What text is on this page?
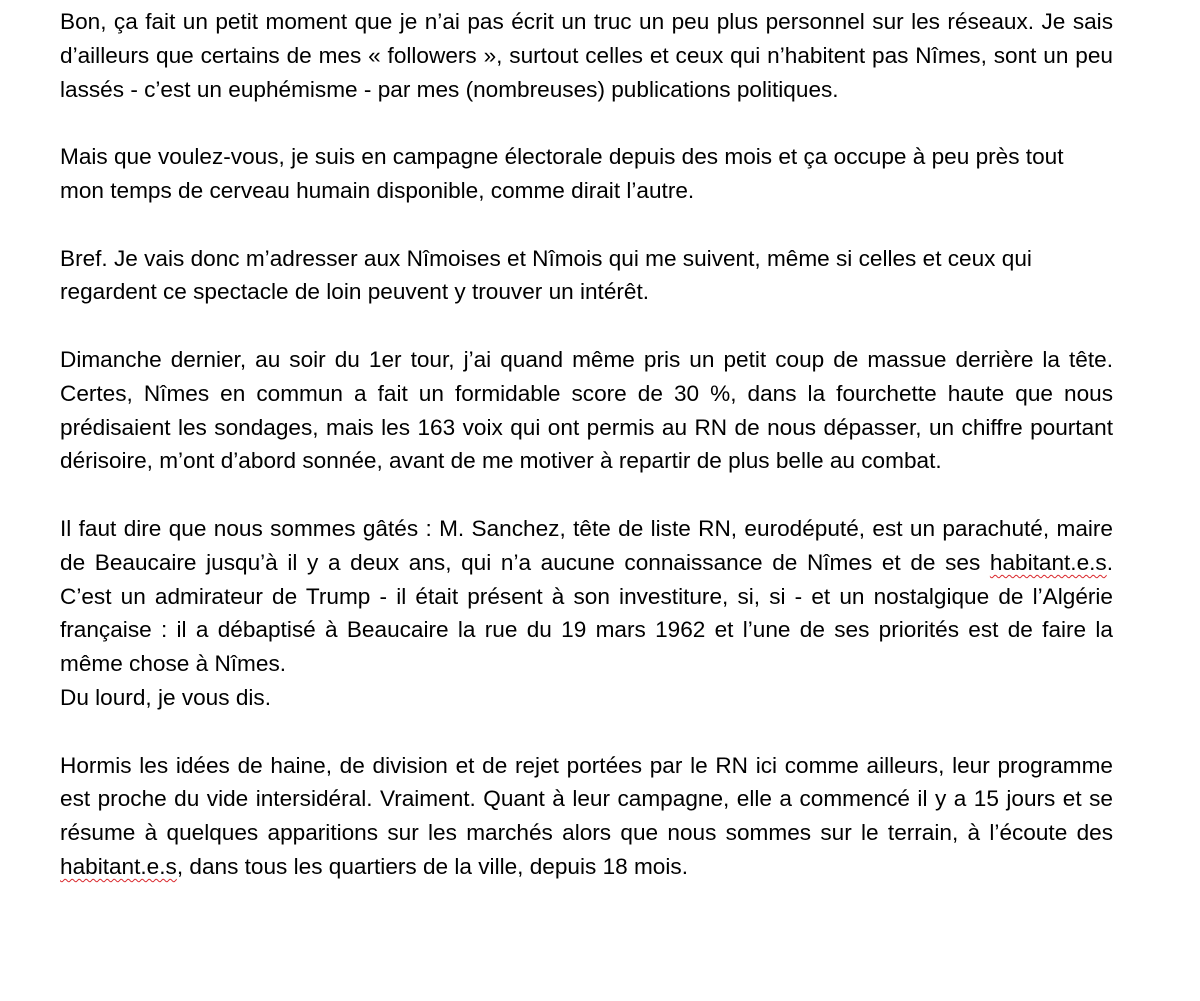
Bon, ça fait un petit moment que je n’ai pas écrit un truc un peu plus personnel sur les réseaux. Je sais d’ailleurs que certains de mes « followers », surtout celles et ceux qui n’habitent pas Nîmes, sont un peu lassés - c’est un euphémisme - par mes (nombreuses) publications politiques.

Mais que voulez-vous, je suis en campagne électorale depuis des mois et ça occupe à peu près tout mon temps de cerveau humain disponible, comme dirait l’autre.

Bref. Je vais donc m’adresser aux Nîmoises et Nîmois qui me suivent, même si celles et ceux qui regardent ce spectacle de loin peuvent y trouver un intérêt.

Dimanche dernier, au soir du 1er tour, j’ai quand même pris un petit coup de massue derrière la tête. Certes, Nîmes en commun a fait un formidable score de 30 %, dans la fourchette haute que nous prédisaient les sondages, mais les 163 voix qui ont permis au RN de nous dépasser, un chiffre pourtant dérisoire, m’ont d’abord sonnée, avant de me motiver à repartir de plus belle au combat.

Il faut dire que nous sommes gâtés : M. Sanchez, tête de liste RN, eurodéputé, est un parachuté, maire de Beaucaire jusqu’à il y a deux ans, qui n’a aucune connaissance de Nîmes et de ses habitant.e.s. C’est un admirateur de Trump - il était présent à son investiture, si, si - et un nostalgique de l’Algérie française : il a débaptisé à Beaucaire la rue du 19 mars 1962 et l’une de ses priorités est de faire la même chose à Nîmes.

Du lourd, je vous dis.

Hormis les idées de haine, de division et de rejet portées par le RN ici comme ailleurs, leur programme est proche du vide intersidéral. Vraiment. Quant à leur campagne, elle a commencé il y a 15 jours et se résume à quelques apparitions sur les marchés alors que nous sommes sur le terrain, à l’écoute des habitant.e.s, dans tous les quartiers de la ville, depuis 18 mois.
